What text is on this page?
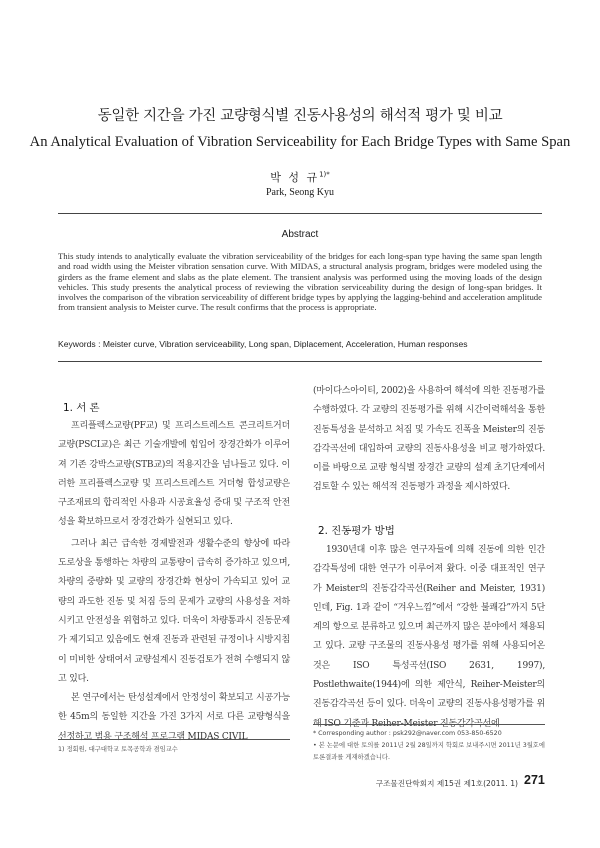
동일한 지간을 가진 교량형식별 진동사용성의 해석적 평가 및 비교
An Analytical Evaluation of Vibration Serviceability for Each Bridge Types with Same Span
박 성 규$^{1)*}$
Park, Seong Kyu
Abstract

This study intends to analytically evaluate the vibration serviceability of the bridges for each long-span type having the same span length and road width using the Meister vibration sensation curve. With MIDAS, a structural analysis program, bridges were modeled using the girders as the frame element and slabs as the plate element. The transient analysis was performed using the moving loads of the design vehicles. This study presents the analytical process of reviewing the vibration serviceability during the design of long-span bridges. It involves the comparison of the vibration serviceability of different bridge types by applying the lagging-behind and acceleration amplitude from transient analysis to Meister curve. The result confirms that the process is appropriate.

Keywords : Meister curve, Vibration serviceability, Long span, Diplacement, Acceleration, Human responses
1. 서 론

프리플렉스교량(PF교) 및 프리스트레스트 콘크리트거더교량(PSCI교)은 최근 기술개발에 힘입어 장경간화가 이루어져 기존 강박스교량(STB교)의 적용지간을 넘나들고 있다. 이러한 프리플렉스교량 및 프리스트레스트 거더형 합성교량은 구조재료의 합리적인 사용과 시공효율성 증대 및 구조적 안전성을 확보하므로서 장경간화가 실현되고 있다.

그러나 최근 급속한 경제발전과 생활수준의 향상에 따라 도로상을 통행하는 차량의 교통량이 급속히 증가하고 있으며, 차량의 중량화 및 교량의 장경간화 현상이 가속되고 있어 교량의 과도한 진동 및 처짐 등의 문제가 교량의 사용성을 저하시키고 안전성을 위협하고 있다. 더욱이 차량통과시 진동문제가 제기되고 있음에도 현재 진동과 관련된 규정이나 시방지침이 미비한 상태여서 교량설계시 진동검토가 전혀 수행되지 않고 있다.

본 연구에서는 탄성설계에서 안정성이 확보되고 시공가능한 45m의 동일한 지간을 가진 3가지 서로 다른 교량형식을 선정하고 범용 구조해석 프로그램 MIDAS CIVIL

1) 정회원, 대구대학교 토목공학과 겸임교수

(마이다스아이티, 2002)을 사용하여 해석에 의한 진동평가를 수행하였다. 각 교량의 진동평가를 위해 시간이력해석을 통한 진동특성을 분석하고 처짐 및 가속도 진폭을 Meister의 진동감각곡선에 대입하여 교량의 진동사용성을 비교 평가하였다. 이를 바탕으로 교량 형식별 장경간 교량의 설계 초기단계에서 검토할 수 있는 해석적 진동평가 과정을 제시하였다.

2. 진동평가 방법

1930년대 이후 많은 연구자들에 의해 진동에 의한 인간감각특성에 대한 연구가 이루어져 왔다. 이중 대표적인 연구가 Meister의 진동감각곡선(Reiher and Meister, 1931)인데, Fig. 1과 같이 “겨우느낌”에서 “강한 불쾌감”까지 5단계의 항으로 분류하고 있으며 최근까지 많은 분야에서 채용되고 있다. 교량 구조물의 진동사용성 평가를 위해 사용되어온 것은 ISO 특성곡선(ISO 2631, 1997), Postlethwaite(1944)에 의한 제안식, Reiher-Meister의 진동감각곡선 등이 있다. 더욱이 교량의 진동사용성평가를 위해 ISO 기준과 Reiher-Meister 진동감각곡선에

* Corresponding author : psk292@naver.com 053-850-6520

• 본 논문에 대한 토의를 2011년 2월 28일까지 학회로 보내주시면 2011년 3월호에 토론결과를 게재하겠습니다.

구조물진단학회지 제15권 제1호(2011. 1) 271
